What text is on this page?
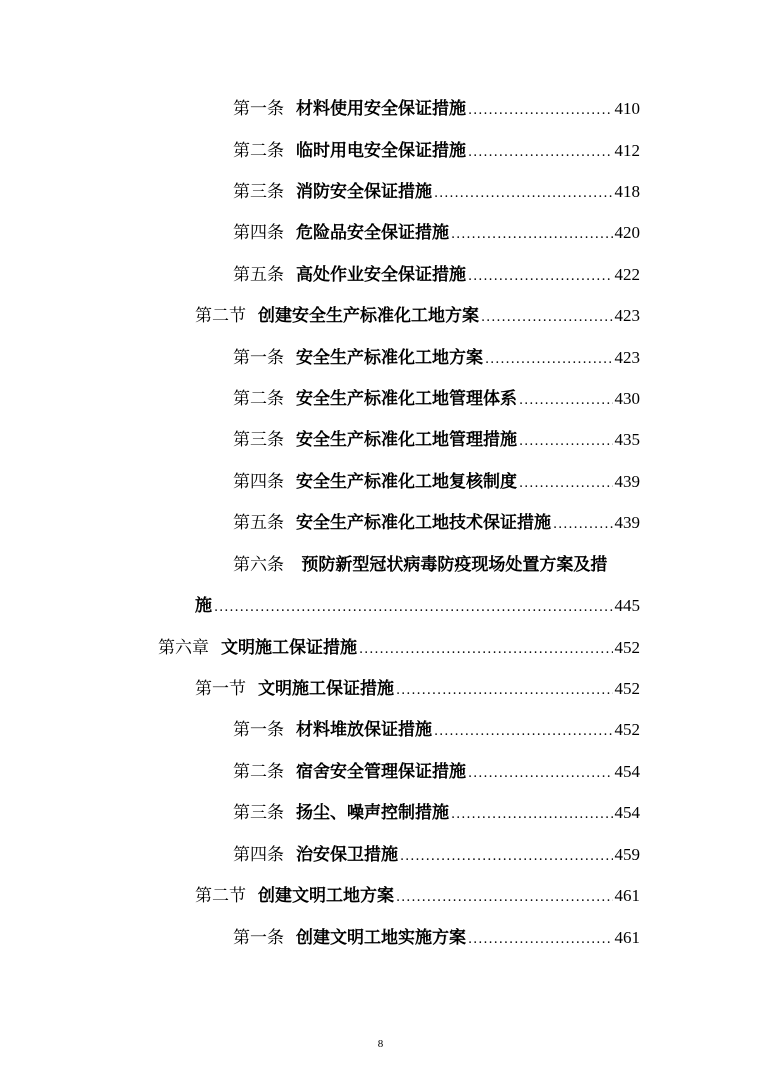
第一条 材料使用安全保证措施 .....	410
第二条 临时用电安全保证措施 .....	412
第三条 消防安全保证措施 .....	418
第四条 危险品安全保证措施 .....	420
第五条 高处作业安全保证措施 .....	422
第二节 创建安全生产标准化工地方案 .....	423
第一条 安全生产标准化工地方案 .....	423
第二条 安全生产标准化工地管理体系 .....	430
第三条 安全生产标准化工地管理措施 .....	435
第四条 安全生产标准化工地复核制度 .....	439
第五条 安全生产标准化工地技术保证措施 .....	439
第六条 预防新型冠状病毒防疫现场处置方案及措
施 .....	445
第六章 文明施工保证措施 .....	452
第一节 文明施工保证措施 .....	452
第一条 材料堆放保证措施 .....	452
第二条 宿舍安全管理保证措施 .....	454
第三条 扬尘、噪声控制措施 .....	454
第四条 治安保卫措施 .....	459
第二节 创建文明工地方案 .....	461
第一条 创建文明工地实施方案 .....	461
8
